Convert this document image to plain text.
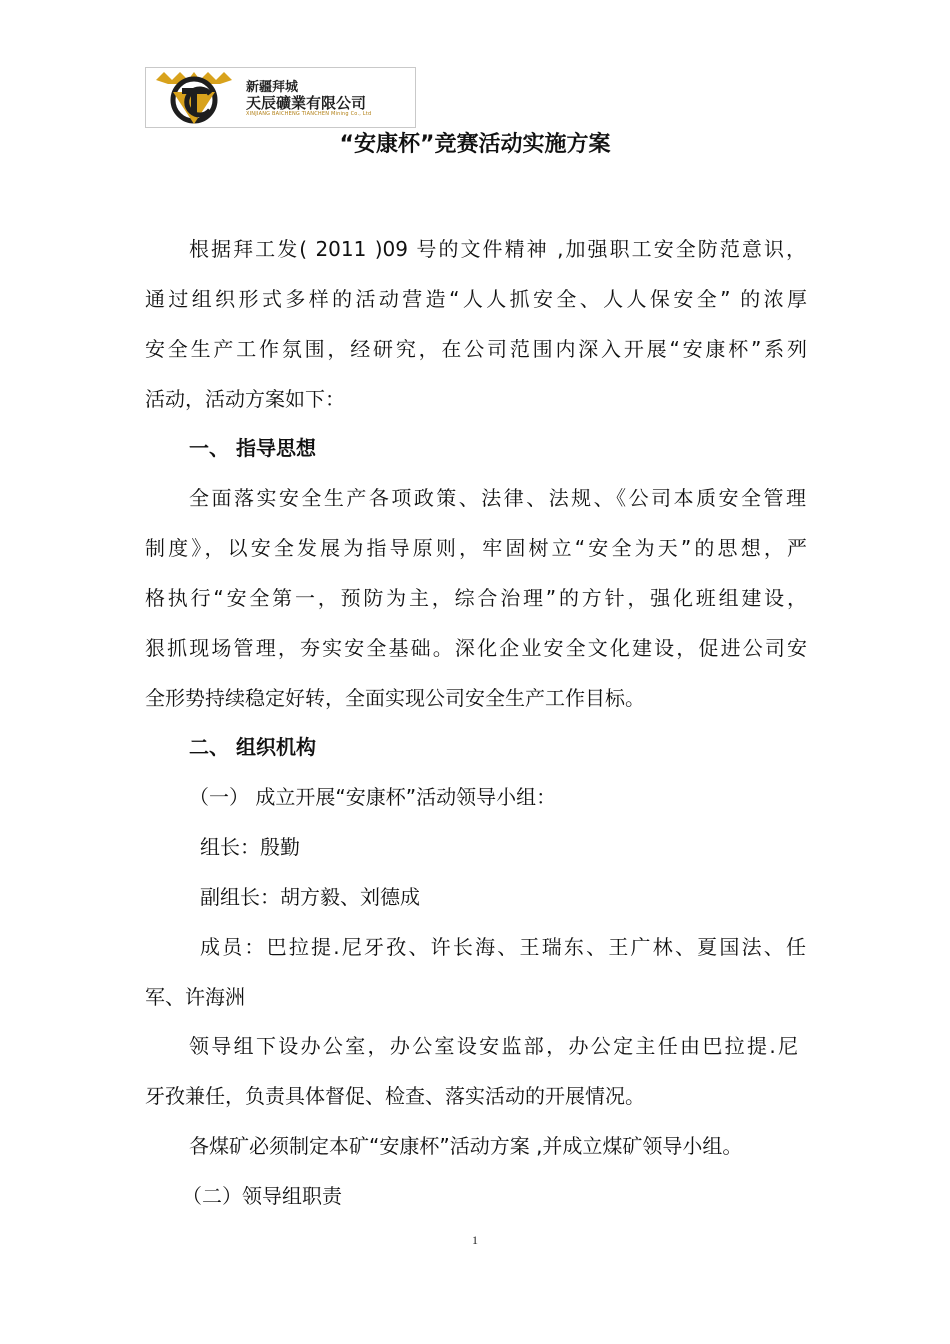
新疆拜城
天辰礦業有限公司
XINJIANG BAICHENG TIANCHEN Mining Co., Ltd
“安康杯”竞赛活动实施方案
根据拜工发( 2011 )09 号的文件精神 ,加强职工安全防范意识，
通过组织形式多样的活动营造“人人抓安全、人人保安全” 的浓厚
安全生产工作氛围，经研究，在公司范围内深入开展“安康杯”系列
活动，活动方案如下：
一、 指导思想
全面落实安全生产各项政策、法律、法规、《公司本质安全管理
制度》，以安全发展为指导原则，牢固树立“安全为天”的思想，严
格执行“安全第一，预防为主，综合治理”的方针，强化班组建设，
狠抓现场管理，夯实安全基础。深化企业安全文化建设，促进公司安
全形势持续稳定好转，全面实现公司安全生产工作目标。
二、 组织机构
（一） 成立开展“安康杯”活动领导小组：
组长：殷勤
副组长：胡方毅、刘德成
成员：巴拉提.尼牙孜、许长海、王瑞东、王广林、夏国法、任
军、许海洲
领导组下设办公室，办公室设安监部，办公定主任由巴拉提.尼
牙孜兼任，负责具体督促、检查、落实活动的开展情况。
各煤矿必须制定本矿“安康杯”活动方案 ,并成立煤矿领导小组。
（二）领导组职责
1
